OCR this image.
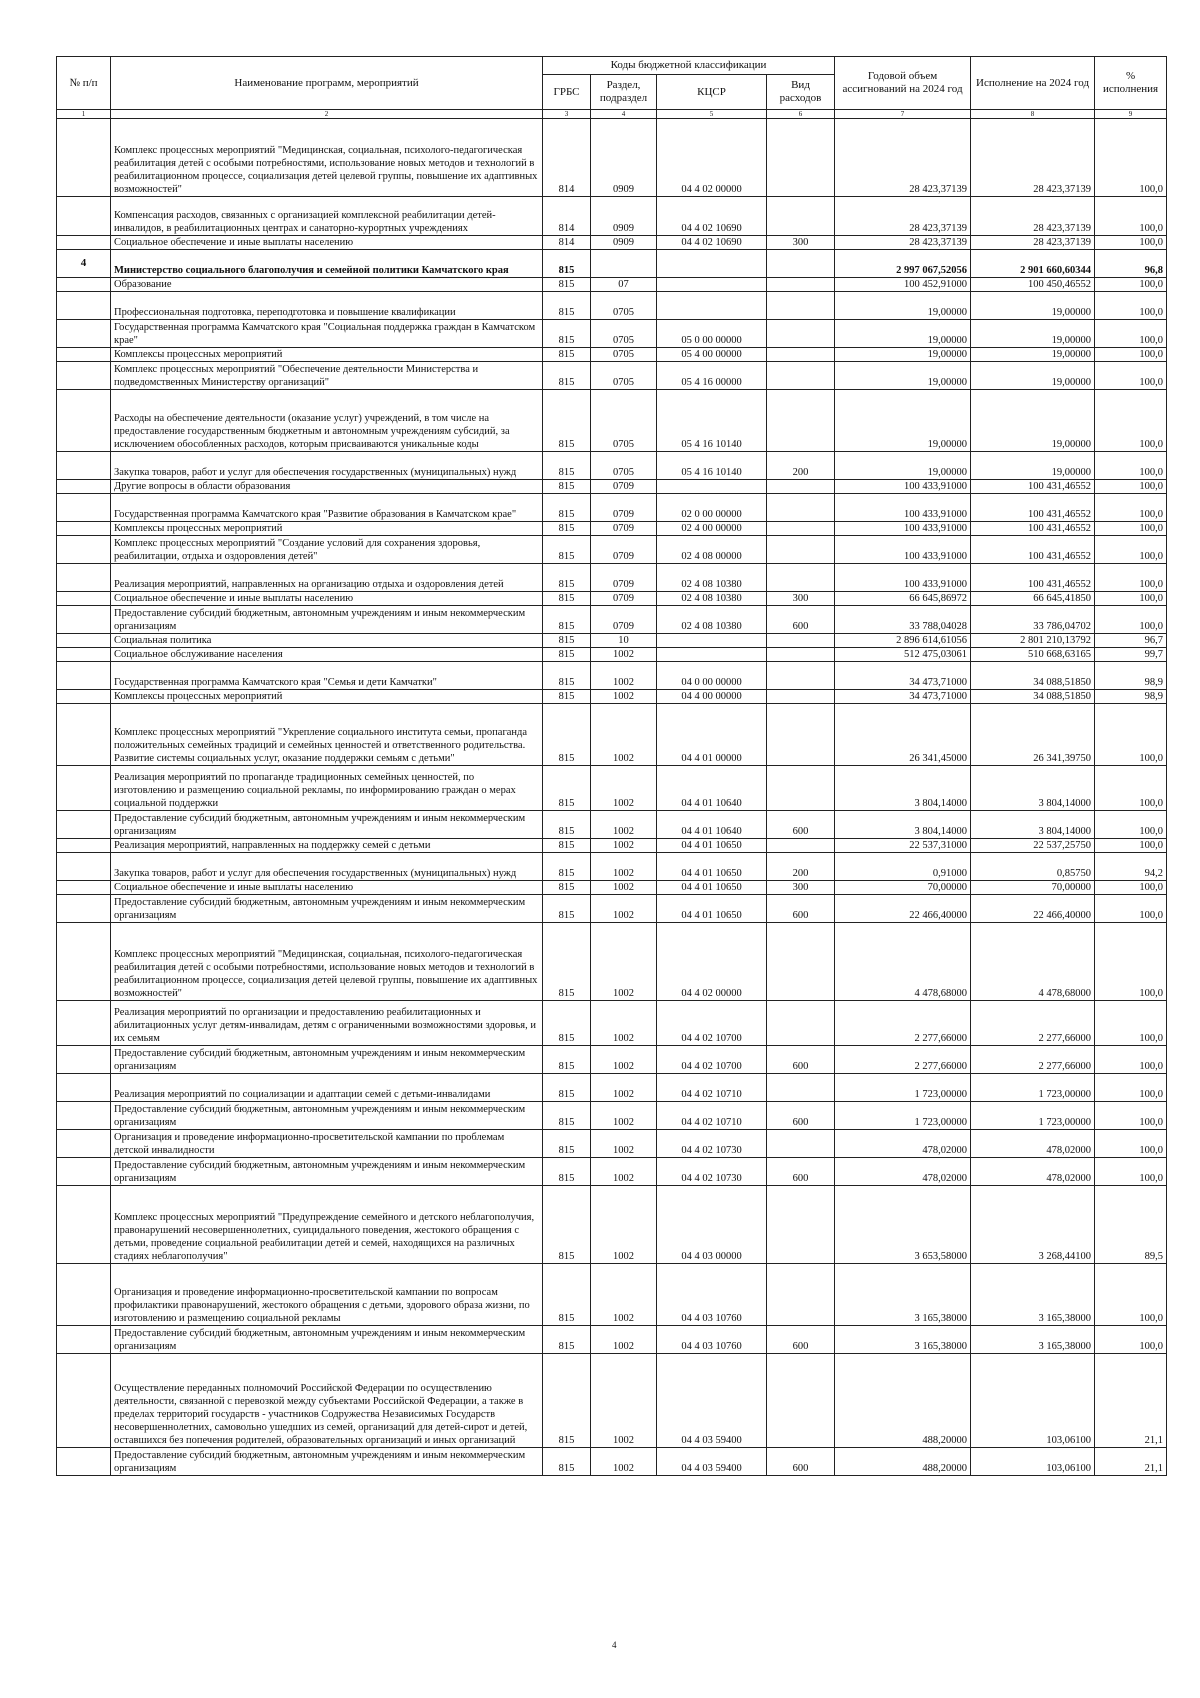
№ п/п	Наименование программ, мероприятий	Коды бюджетной классификации				Годовой объем ассигнований на 2024 год	Исполнение на 2024 год	% исполнения
		ГРБС	Раздел, подраздел	КЦСР	Вид расходов			
1	2	3	4	5	6	7	8	9
	Комплекс процессных мероприятий "Медицинская, социальная, психолого-педагогическая реабилитация детей с особыми потребностями, использование новых методов и технологий в реабилитационном процессе, социализация детей целевой группы, повышение их адаптивных возможностей"	814	0909	04 4 02 00000		28 423,37139	28 423,37139	100,0
	Компенсация расходов, связанных с организацией комплексной реабилитации детей-инвалидов, в реабилитационных центрах и санаторно-курортных учреждениях	814	0909	04 4 02 10690		28 423,37139	28 423,37139	100,0
	Социальное обеспечение и иные выплаты населению	814	0909	04 4 02 10690	300	28 423,37139	28 423,37139	100,0
4	Министерство социального благополучия и семейной политики Камчатского края	815				2 997 067,52056	2 901 660,60344	96,8
	Образование	815	07			100 452,91000	100 450,46552	100,0
	Профессиональная подготовка, переподготовка и повышение квалификации	815	0705			19,00000	19,00000	100,0
	Государственная программа Камчатского края "Социальная поддержка граждан в Камчатском крае"	815	0705	05 0 00 00000		19,00000	19,00000	100,0
	Комплексы процессных мероприятий	815	0705	05 4 00 00000		19,00000	19,00000	100,0
	Комплекс процессных мероприятий "Обеспечение деятельности Министерства и подведомственных Министерству организаций"	815	0705	05 4 16 00000		19,00000	19,00000	100,0
	Расходы на обеспечение деятельности (оказание услуг) учреждений, в том числе на предоставление государственным бюджетным и автономным учреждениям субсидий, за исключением обособленных расходов, которым присваиваются уникальные коды	815	0705	05 4 16 10140		19,00000	19,00000	100,0
	Закупка товаров, работ и услуг для обеспечения государственных (муниципальных) нужд	815	0705	05 4 16 10140	200	19,00000	19,00000	100,0
	Другие вопросы в области образования	815	0709			100 433,91000	100 431,46552	100,0
	Государственная программа Камчатского края "Развитие образования в Камчатском крае"	815	0709	02 0 00 00000		100 433,91000	100 431,46552	100,0
	Комплексы процессных мероприятий	815	0709	02 4 00 00000		100 433,91000	100 431,46552	100,0
	Комплекс процессных мероприятий "Создание условий для сохранения здоровья, реабилитации, отдыха и оздоровления детей"	815	0709	02 4 08 00000		100 433,91000	100 431,46552	100,0
	Реализация мероприятий, направленных на организацию отдыха и оздоровления детей	815	0709	02 4 08 10380		100 433,91000	100 431,46552	100,0
	Социальное обеспечение и иные выплаты населению	815	0709	02 4 08 10380	300	66 645,86972	66 645,41850	100,0
	Предоставление субсидий бюджетным, автономным учреждениям и иным некоммерческим организациям	815	0709	02 4 08 10380	600	33 788,04028	33 786,04702	100,0
	Социальная политика	815	10			2 896 614,61056	2 801 210,13792	96,7
	Социальное обслуживание населения	815	1002			512 475,03061	510 668,63165	99,7
	Государственная программа Камчатского края "Семья и дети Камчатки"	815	1002	04 0 00 00000		34 473,71000	34 088,51850	98,9
	Комплексы процессных мероприятий	815	1002	04 4 00 00000		34 473,71000	34 088,51850	98,9
	Комплекс процессных мероприятий "Укрепление социального института семьи, пропаганда положительных семейных традиций и семейных ценностей и ответственного родительства. Развитие системы социальных услуг, оказание поддержки семьям с детьми"	815	1002	04 4 01 00000		26 341,45000	26 341,39750	100,0
	Реализация мероприятий по пропаганде традиционных семейных ценностей, по изготовлению и размещению социальной рекламы, по информированию граждан о мерах социальной поддержки	815	1002	04 4 01 10640		3 804,14000	3 804,14000	100,0
	Предоставление субсидий бюджетным, автономным учреждениям и иным некоммерческим организациям	815	1002	04 4 01 10640	600	3 804,14000	3 804,14000	100,0
	Реализация мероприятий, направленных на поддержку семей с детьми	815	1002	04 4 01 10650		22 537,31000	22 537,25750	100,0
	Закупка товаров, работ и услуг для обеспечения государственных (муниципальных) нужд	815	1002	04 4 01 10650	200	0,91000	0,85750	94,2
	Социальное обеспечение и иные выплаты населению	815	1002	04 4 01 10650	300	70,00000	70,00000	100,0
	Предоставление субсидий бюджетным, автономным учреждениям и иным некоммерческим организациям	815	1002	04 4 01 10650	600	22 466,40000	22 466,40000	100,0
	Комплекс процессных мероприятий "Медицинская, социальная, психолого-педагогическая реабилитация детей с особыми потребностями, использование новых методов и технологий в реабилитационном процессе, социализация детей целевой группы, повышение их адаптивных возможностей"	815	1002	04 4 02 00000		4 478,68000	4 478,68000	100,0
	Реализация мероприятий по организации и предоставлению реабилитационных и абилитационных услуг детям-инвалидам, детям с ограниченными возможностями здоровья, и их семьям	815	1002	04 4 02 10700		2 277,66000	2 277,66000	100,0
	Предоставление субсидий бюджетным, автономным учреждениям и иным некоммерческим организациям	815	1002	04 4 02 10700	600	2 277,66000	2 277,66000	100,0
	Реализация мероприятий по социализации и адаптации семей с детьми-инвалидами	815	1002	04 4 02 10710		1 723,00000	1 723,00000	100,0
	Предоставление субсидий бюджетным, автономным учреждениям и иным некоммерческим организациям	815	1002	04 4 02 10710	600	1 723,00000	1 723,00000	100,0
	Организация и проведение информационно-просветительской кампании по проблемам детской инвалидности	815	1002	04 4 02 10730		478,02000	478,02000	100,0
	Предоставление субсидий бюджетным, автономным учреждениям и иным некоммерческим организациям	815	1002	04 4 02 10730	600	478,02000	478,02000	100,0
	Комплекс процессных мероприятий "Предупреждение семейного и детского неблагополучия, правонарушений несовершеннолетних, суицидального поведения, жестокого обращения с детьми, проведение социальной реабилитации детей и семей, находящихся на различных стадиях неблагополучия"	815	1002	04 4 03 00000		3 653,58000	3 268,44100	89,5
	Организация и проведение информационно-просветительской кампании по вопросам профилактики правонарушений, жестокого обращения с детьми, здорового образа жизни, по изготовлению и размещению социальной рекламы	815	1002	04 4 03 10760		3 165,38000	3 165,38000	100,0
	Предоставление субсидий бюджетным, автономным учреждениям и иным некоммерческим организациям	815	1002	04 4 03 10760	600	3 165,38000	3 165,38000	100,0
	Осуществление переданных полномочий Российской Федерации по осуществлению деятельности, связанной с перевозкой между субъектами Российской Федерации, а также в пределах территорий государств - участников Содружества Независимых Государств несовершеннолетних, самовольно ушедших из семей, организаций для детей-сирот и детей, оставшихся без попечения родителей, образовательных организаций и иных организаций	815	1002	04 4 03 59400		488,20000	103,06100	21,1
	Предоставление субсидий бюджетным, автономным учреждениям и иным некоммерческим организациям	815	1002	04 4 03 59400	600	488,20000	103,06100	21,1
4
